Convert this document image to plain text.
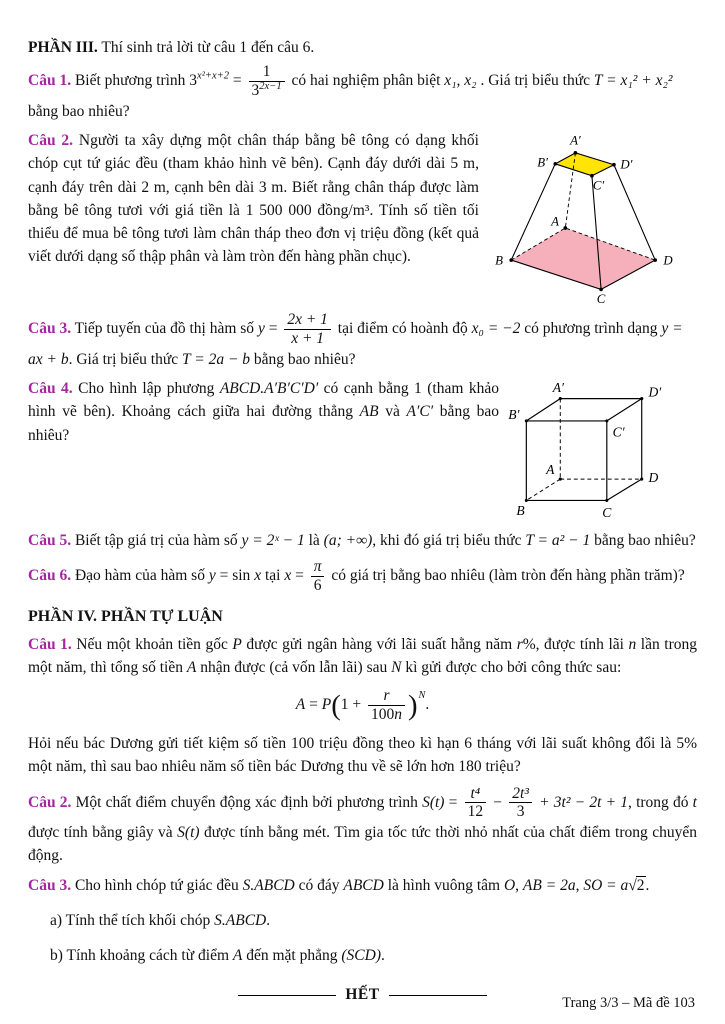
PHẦN III. Thí sinh trả lời từ câu 1 đến câu 6.

Câu 1. Biết phương trình $3^{x^2+x+2} = \frac{1}{3^{2x-1}}$ có hai nghiệm phân biệt x₁, x₂ . Giá trị biểu thức T = x₁² + x₂² bằng bao nhiêu?

Câu 2. Người ta xây dựng một chân tháp bằng bê tông có dạng khối chóp cụt tứ giác đều (tham khảo hình vẽ bên). Cạnh đáy dưới dài 5 m, cạnh đáy trên dài 2 m, cạnh bên dài 3 m. Biết rằng chân tháp được làm bằng bê tông tươi với giá tiền là 1 500 000 đồng/m³. Tính số tiền tối thiểu để mua bê tông tươi làm chân tháp theo đơn vị triệu đồng (kết quả viết dưới dạng số thập phân và làm tròn đến hàng phần chục).
A′
B′
C′
D′
A
B
C
D

Câu 3. Tiếp tuyến của đồ thị hàm số $y = \frac{2x + 1}{x + 1}$ tại điểm có hoành độ x₀ = −2 có phương trình dạng y = ax + b. Giá trị biểu thức T = 2a − b bằng bao nhiêu?

Câu 4. Cho hình lập phương ABCD.A′B′C′D′ có cạnh bằng 1 (tham khảo hình vẽ bên). Khoảng cách giữa hai đường thẳng AB và A′C′ bằng bao nhiêu?
A′	D′
B′
C′
A
D
B	C

Câu 5. Biết tập giá trị của hàm số y = 2ˣ − 1 là (a; +∞), khi đó giá trị biểu thức T = a² − 1 bằng bao nhiêu?

Câu 6. Đạo hàm của hàm số y = sin x tại $x = \frac{\pi}{6}$ có giá trị bằng bao nhiêu (làm tròn đến hàng phần trăm)?

PHẦN IV. PHẦN TỰ LUẬN

Câu 1. Nếu một khoản tiền gốc P được gửi ngân hàng với lãi suất hằng năm r%, được tính lãi n lần trong một năm, thì tổng số tiền A nhận được (cả vốn lẫn lãi) sau N kì gửi được cho bởi công thức sau:

$A = P(1 + \frac{r}{100n} )^N$.

Hỏi nếu bác Dương gửi tiết kiệm số tiền 100 triệu đồng theo kì hạn 6 tháng với lãi suất không đổi là 5% một năm, thì sau bao nhiêu năm số tiền bác Dương thu về sẽ lớn hơn 180 triệu?

Câu 2. Một chất điểm chuyển động xác định bởi phương trình $S(t) = \frac{\text{t⁴}}{12} - \frac{\text{2t³}}{3} + 3t^2 - 2t + 1$, trong đó t được tính bằng giây và S(t) được tính bằng mét. Tìm gia tốc tức thời nhỏ nhất của chất điểm trong chuyển động.

Câu 3. Cho hình chóp tứ giác đều S.ABCD có đáy ABCD là hình vuông tâm O, AB = 2a, SO = a√2.

a) Tính thể tích khối chóp S.ABCD.

b) Tính khoảng cách từ điểm A đến mặt phẳng (SCD).

HẾT	Trang 3/3 – Mã đề 103
